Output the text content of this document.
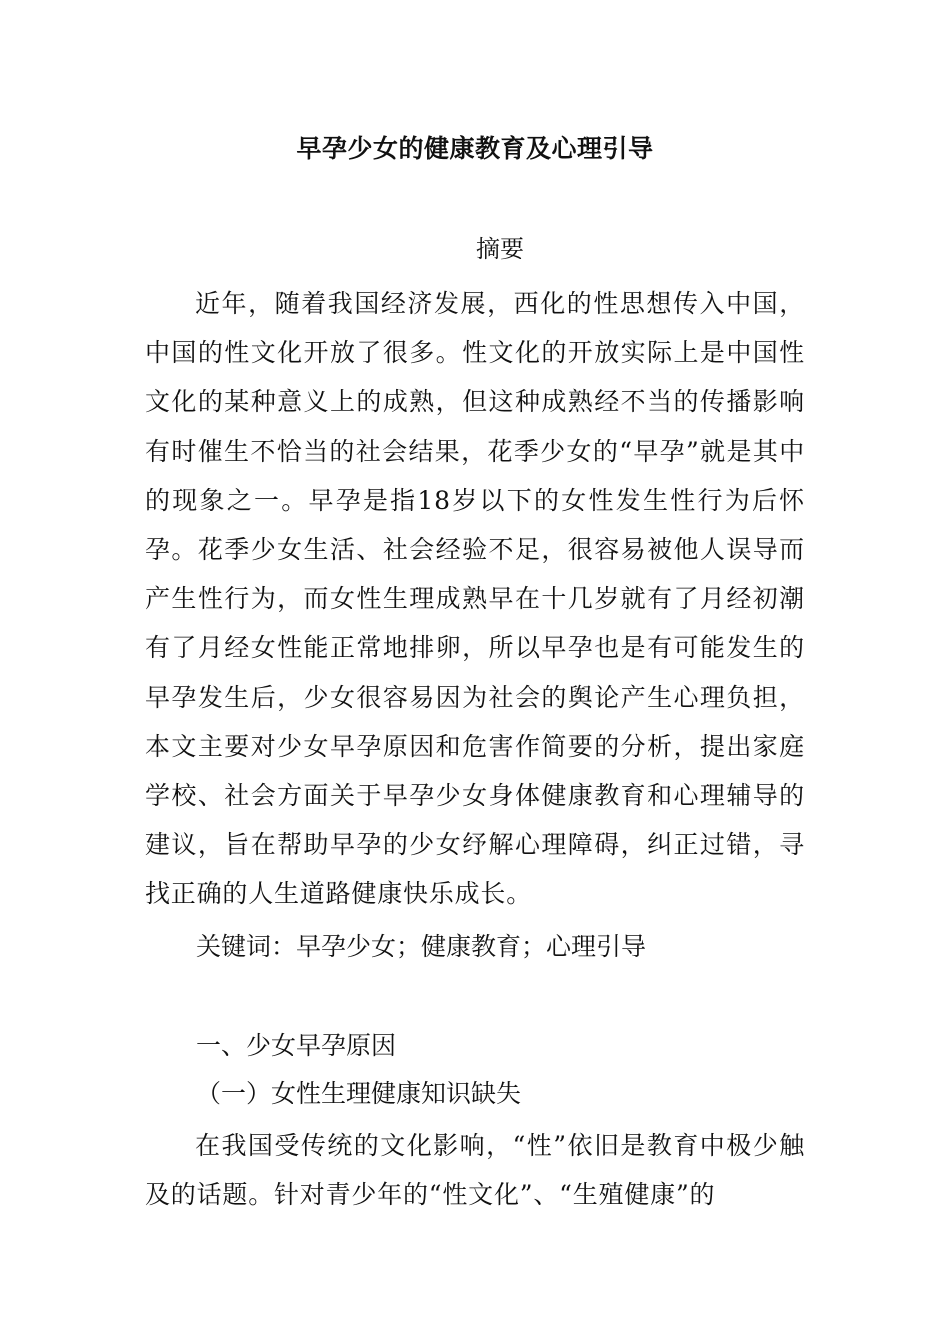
早孕少女的健康教育及心理引导
摘要
近年，随着我国经济发展，西化的性思想传入中国，中国的性文化开放了很多。性文化的开放实际上是中国性文化的某种意义上的成熟，但这种成熟经不当的传播影响有时催生不恰当的社会结果，花季少女的“早孕”就是其中的现象之一。早孕是指18岁以下的女性发生性行为后怀孕。花季少女生活、社会经验不足，很容易被他人误导而产生性行为，而女性生理成熟早在十几岁就有了月经初潮有了月经女性能正常地排卵，所以早孕也是有可能发生的早孕发生后，少女很容易因为社会的舆论产生心理负担，本文主要对少女早孕原因和危害作简要的分析，提出家庭学校、社会方面关于早孕少女身体健康教育和心理辅导的建议，旨在帮助早孕的少女纾解心理障碍，纠正过错，寻找正确的人生道路健康快乐成长。
关键词：早孕少女；健康教育；心理引导
一、少女早孕原因
（一）女性生理健康知识缺失
在我国受传统的文化影响，“性”依旧是教育中极少触及的话题。针对青少年的“性文化”、“生殖健康”的
